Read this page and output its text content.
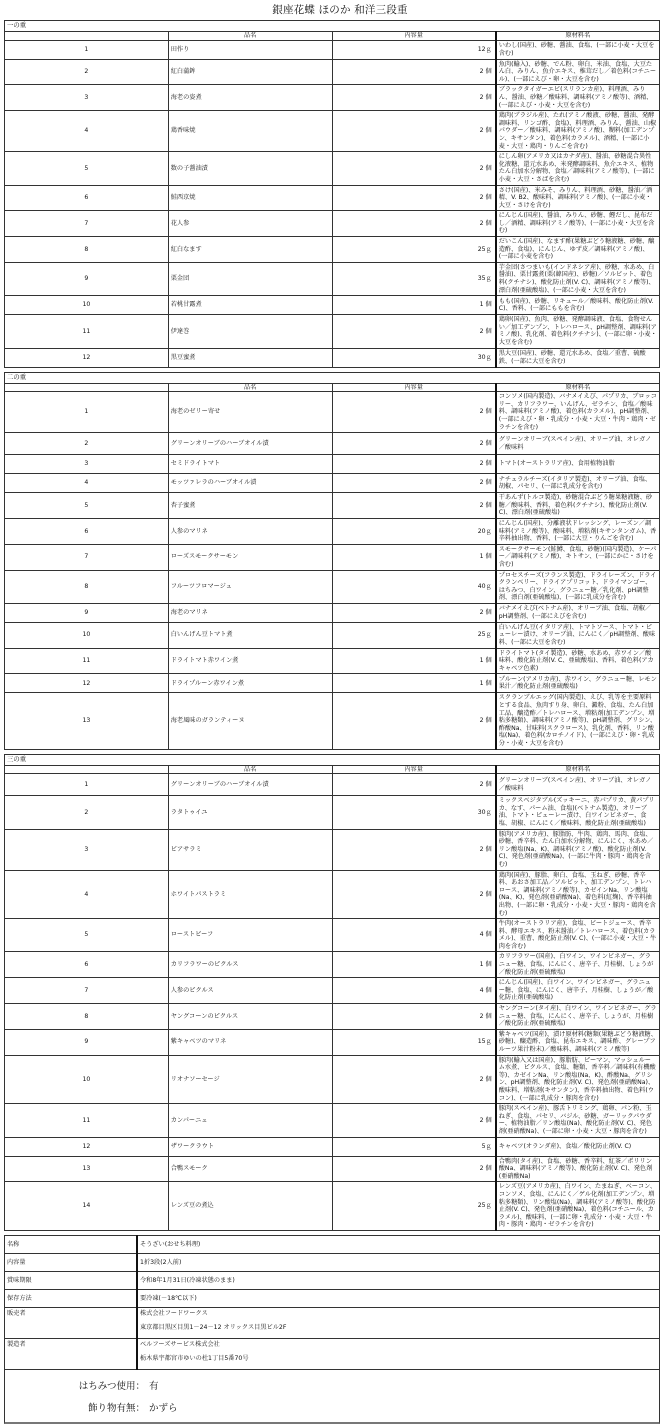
銀座花蝶 ほのか 和洋三段重
一の重			
	品名	内容量	原材料名
1	田作り	12ｇ	いわし(国産)、砂糖、醤油、食塩、(一部に小麦・大豆を含む)
2	紅白蒲鉾	2 個	魚肉(輸入)、砂糖、でん粉、卵白、米油、食塩、大豆たん白、みりん、魚介エキス、椎茸だし／着色料(コチニール)、(一部にえび・卵・大豆を含む)
3	海老の姿煮	2 個	ブラックタイガーエビ(スリランカ産)、料理酒、みりん、醤油、砂糖／酸味料、調味料(アミノ酸等)、酒精、(一部にえび・小麦・大豆を含む)
4	鶏香味焼	2 個	鶏肉(ブラジル産)、たれ(アミノ酸液、砂糖、醤油、発酵調味料、リンゴ酢、食塩)、料理酒、みりん、醤油、山椒パウダー／酸味料、調味料(アミノ酸)、糊料(加工デンプン、キサンタン)、着色料(カラメル)、酒精、(一部に小麦・大豆・鶏肉・りんごを含む)
5	数の子醤油漬	2 個	にしん卵(アメリカ又はカナダ産)、醤油、砂糖混合異性化液糖、還元水あめ、米発酵調味料、魚介エキス、植物たん白加水分解物、食塩／調味料(アミノ酸等)、(一部に小麦・大豆・さばを含む)
6	鮭西京焼	2 個	さけ(国産)、米みそ、みりん、料理酒、砂糖、醤油／酒精、V. B2、酸味料、調味料(アミノ酸)、(一部に小麦・大豆・さけを含む)
7	花人参	2 個	にんじん(国産)、醤油、みりん、砂糖、鰹だし、昆布だし／酒精、調味料(アミノ酸等)、(一部に小麦・大豆を含む)
8	紅白なます	25ｇ	だいこん(国産)、なます酢(果糖ぶどう糖液糖、砂糖、醸造酢、食塩)、にんじん、ゆず皮／調味料(アミノ酸)、(一部に小麦を含む)
9	栗金団	35ｇ	芋金団(さつまいも(インドネシア産)、砂糖、水あめ、白醤油)、栗甘露煮(栗(韓国産)、砂糖)／ソルビット、着色料(クチナシ)、酸化防止剤(V. C)、調味料(アミノ酸等)、漂白剤(亜硫酸塩)、(一部に小麦・大豆を含む)
10	若桃甘露煮	1 個	もも(国産)、砂糖、リキュール／酸味料、酸化防止剤(V. C)、香料、(一部にももを含む)
11	伊達巻	2 個	鶏卵(国産)、魚肉、砂糖、発酵調味液、食塩、食物せんい／加工デンプン、トレハロース、pH調整剤、調味料(アミノ酸)、乳化剤、着色料(クチナシ)、(一部に卵・小麦・大豆を含む)
12	黒豆蜜煮	30ｇ	黒大豆(国産)、砂糖、還元水あめ、食塩／重曹、硫酸鉄、(一部に大豆を含む)
二の重			
	品名	内容量	原材料名
1	海老のゼリー寄せ	2 個	コンソメ(国内製造)、バナメイえび、パプリカ、ブロッコリー、カリフラワー、いんげん、ゼラチン、食塩／酸味料、調味料(アミノ酸)、着色料(カラメル)、pH調整剤、(一部にえび・卵・乳成分・小麦・大豆・牛肉・鶏肉・ゼラチンを含む)
2	グリーンオリーブのハーブオイル漬	2 個	グリーンオリーブ(スペイン産)、オリーブ油、オレガノ／酸味料
3	セミドライトマト	2 個	トマト(オーストラリア産)、食用植物油脂
4	モッツァレラのハーブオイル漬	2 個	ナチュラルチーズ(イタリア製造)、オリーブ油、食塩、胡椒、パセリ、(一部に乳成分を含む)
5	杏子蜜煮	2 個	干あんず(トルコ製造)、砂糖混合ぶどう糖果糖液糖、砂糖／酸味料、香料、着色料(クチナシ)、酸化防止剤(V. C)、漂白剤(亜硫酸塩)
6	人参のマリネ	20ｇ	にんじん(国産)、分離液状ドレッシング、レーズン／調味料(アミノ酸等)、酸味料、増粘剤(キサンタンガム)、香辛料抽出物、香料、(一部に大豆・りんごを含む)
7	ローズスモークサーモン	1 個	スモークサーモン(鮭鱒、食塩、砂糖)(国内製造)、ケーパー／調味料(アミノ酸)、キトサン、(一部にかに・さけを含む)
8	フルーツフロマージュ	40ｇ	プロセスチーズ(フランス製造)、ドライレーズン、ドライクランベリー、ドライアプリコット、ドライマンゴー、はちみつ、白ワイン、グラニュー糖／乳化剤、pH調整剤、漂白剤(亜硫酸塩)、(一部に乳成分を含む)
9	海老のマリネ	2 個	バナメイえび(ベトナム産)、オリーブ油、食塩、胡椒／pH調整剤、(一部にえびを含む)
10	白いんげん豆トマト煮	25ｇ	白いんげん豆(イタリア産)、トマトソース、トマト・ピューレー漬け、オリーブ油、にんにく／pH調整剤、酸味料、(一部に大豆を含む)
11	ドライトマト赤ワイン煮	1 個	ドライトマト(タイ製造)、砂糖、水あめ、赤ワイン／酸味料、酸化防止剤(V. C、亜硫酸塩)、香料、着色料(アカキャベツ色素)
12	ドライプルーン赤ワイン煮	1 個	プルーン(アメリカ産)、赤ワイン、グラニュー糖、レモン果汁／酸化防止剤(亜硫酸塩)
13	海老風味のガランティーヌ	2 個	スクランブルエッグ(国内製造)、えび、乳等を主要原料とする食品、魚肉すり身、卵白、澱粉、食塩、たん白加工品、醸造酢／トレハロース、増粘剤(加工デンプン、増粘多糖類)、調味料(アミノ酸等)、pH調整剤、グリシン、酢酸Na、甘味料(スクラロース)、乳化剤、香料、リン酸塩(Na)、着色料(カロチノイド)、(一部にえび・卵・乳成分・小麦・大豆を含む)
三の重			
	品名	内容量	原材料名
1	グリーンオリーブのハーブオイル漬	2 個	グリーンオリーブ(スペイン産)、オリーブ油、オレガノ／酸味料
2	ラタトゥイユ	30ｇ	ミックスベジタブル(ズッキーニ、赤パプリカ、黄パプリカ、なす、パーム油、食塩)(ベトナム製造)、オリーブ油、トマト・ピューレー漬け、白ワインビネガー、食塩、胡椒、にんにく／酸味料、酸化防止剤(亜硫酸塩)
3	ビアサラミ	2 個	豚肉(アメリカ産)、豚脂肪、牛肉、鶏肉、馬肉、食塩、砂糖、香辛料、たん白加水分解物、にんにく、水あめ／リン酸塩(Na、K)、調味料(アミノ酸)、酸化防止剤(V. C)、発色剤(亜硝酸Na)、(一部に牛肉・豚肉・鶏肉を含む)
4	ホワイトパストラミ	2 個	鶏肉(国産)、豚脂、卵白、食塩、玉ねぎ、砂糖、香辛料、あおさ加工品／ソルビット、加工デンプン、トレハロース、調味料(アミノ酸等)、カゼインNa、リン酸塩(Na、K)、発色剤(亜硝酸Na)、着色料(紅麹)、香辛料抽出物、(一部に卵・乳成分・小麦・大豆・豚肉・鶏肉を含む)
5	ローストビーフ	4 個	牛肉(オーストラリア産)、食塩、ビートジュース、香辛料、酵母エキス、粉末醤油／トレハロース、着色料(カラメル)、重曹、酸化防止剤(V. C)、(一部に小麦・大豆・牛肉を含む)
6	カリフラワーのピクルス	1 個	カリフラワー(国産)、白ワイン、ワインビネガー、グラニュー糖、食塩、にんにく、唐辛子、月桂樹、しょうが／酸化防止剤(亜硫酸塩)
7	人参のピクルス	4 個	にんじん(国産)、白ワイン、ワインビネガー、グラニュー糖、食塩、にんにく、唐辛子、月桂樹、しょうが／酸化防止剤(亜硫酸塩)
8	ヤングコーンのピクルス	2 個	ヤングコーン(タイ産)、白ワイン、ワインビネガー、グラニュー糖、食塩、にんにく、唐辛子、しょうが、月桂樹／酸化防止剤(亜硫酸塩)
9	紫キャベツのマリネ	15ｇ	紫キャベツ(国産)、漬け原材料(糖類(果糖ぶどう糖液糖、砂糖)、醸造酢、食塩、昆布エキス、調味酢、グレープフルーツ果汁粉末)／酸味料、調味料(アミノ酸等)
10	リオナソーセージ	2 個	豚肉(輸入又は国産)、豚脂肪、ピーマン、マッシュルーム水煮、ピクルス、食塩、糖類、香辛料／調味料(有機酸等)、カゼインNa、リン酸塩(Na、K)、酢酸Na、グリシン、pH調整剤、酸化防止剤(V. C)、発色剤(亜硝酸Na)、酸味料、増粘剤(キサンタン)、香辛料抽出物、着色料(ウコン)、(一部に乳成分・豚肉を含む)
11	カンパーニュ	2 個	豚肉(スペイン産)、豚舌トリミング、鶏卵、パン粉、玉ねぎ、食塩、パセリ、バジル、砂糖、ガーリックパウダー、植物油脂／リン酸塩(Na)、酸化防止剤(V. C)、発色剤(亜硝酸Na)、(一部に卵・小麦・大豆・豚肉を含む)
12	ザワークラウト	5ｇ	キャベツ(オランダ産)、食塩／酸化防止剤(V. C)
13	合鴨スモーク	2 個	合鴨肉(タイ産)、食塩、砂糖、香辛料、紅茶／ポリリン酸Na、調味料(アミノ酸等)、酸化防止剤(V. C)、発色剤(亜硝酸Na)
14	レンズ豆の煮込	25ｇ	レンズ豆(アメリカ産)、白ワイン、たまねぎ、ベーコン、コンソメ、食塩、にんにく／ゲル化剤(加工デンプン、増粘多糖類)、リン酸塩(Na)、調味料(アミノ酸等)、酸化防止剤(V. C)、発色剤(亜硝酸Na)、着色料(コチニール、カラメル)、酸味料、(一部に卵・乳成分・小麦・大豆・牛肉・豚肉・鶏肉・ゼラチンを含む)
名称	そうざい(おせち料理)
内容量	1折3段(2人前)
賞味期限	令和8年1月31日(冷凍状態のまま)
保存方法	要冷凍(－18℃以下)
販売者	株式会社フードワークス
東京都目黒区目黒1－24－12 オリックス目黒ビル2F

製造者	ベルフーズサービス株式会社
栃木県宇都宮市ゆいの杜1丁目5番70号
はちみつ使用： 有
飾り物有無： かずら
